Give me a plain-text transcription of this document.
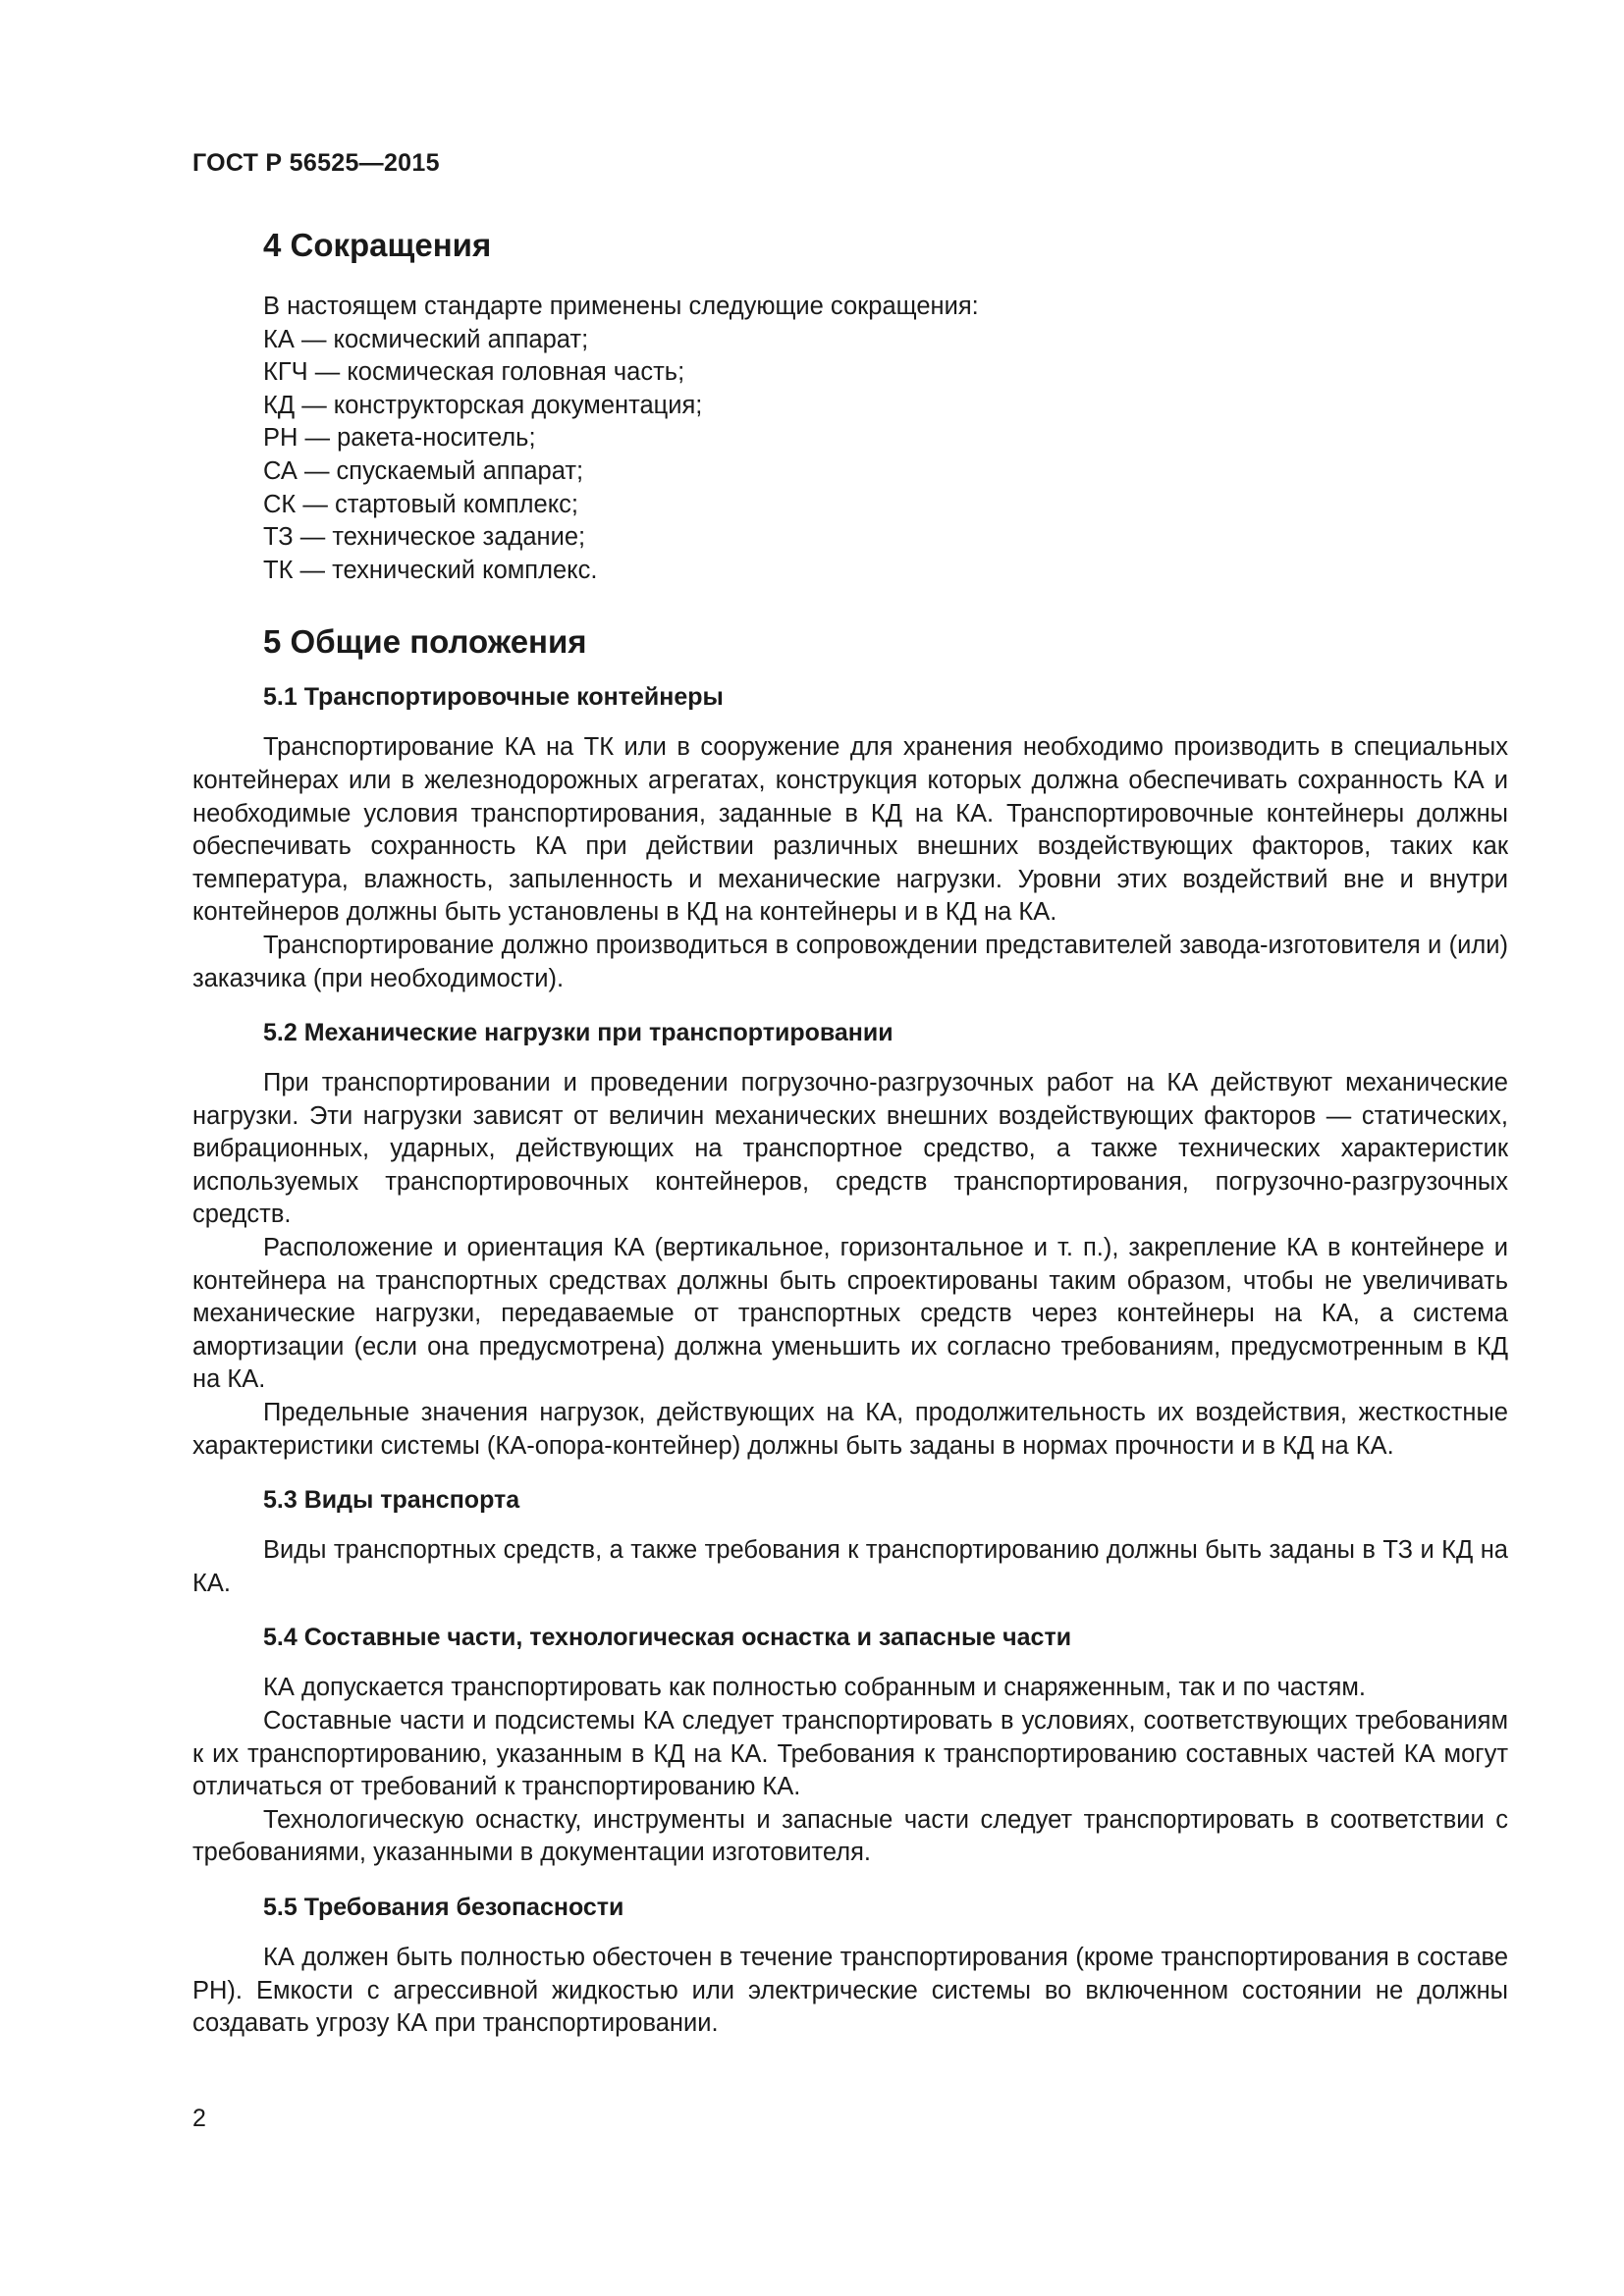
ГОСТ Р 56525—2015
4 Сокращения

В настоящем стандарте применены следующие сокращения:

КА — космический аппарат;

КГЧ — космическая головная часть;

КД — конструкторская документация;

РН — ракета-носитель;

СА — спускаемый аппарат;

СК — стартовый комплекс;

ТЗ — техническое задание;

ТК — технический комплекс.

5 Общие положения
5.1 Транспортировочные контейнеры

Транспортирование КА на ТК или в сооружение для хранения необходимо производить в специальных контейнерах или в железнодорожных агрегатах, конструкция которых должна обеспечивать сохранность КА и необходимые условия транспортирования, заданные в КД на КА. Транспортировочные контейнеры должны обеспечивать сохранность КА при действии различных внешних воздействующих факторов, таких как температура, влажность, запыленность и механические нагрузки. Уровни этих воздействий вне и внутри контейнеров должны быть установлены в КД на контейнеры и в КД на КА.

Транспортирование должно производиться в сопровождении представителей завода-изготовителя и (или) заказчика (при необходимости).

5.2 Механические нагрузки при транспортировании

При транспортировании и проведении погрузочно-разгрузочных работ на КА действуют механические нагрузки. Эти нагрузки зависят от величин механических внешних воздействующих факторов — статических, вибрационных, ударных, действующих на транспортное средство, а также технических характеристик используемых транспортировочных контейнеров, средств транспортирования, погрузочно-разгрузочных средств.

Расположение и ориентация КА (вертикальное, горизонтальное и т. п.), закрепление КА в контейнере и контейнера на транспортных средствах должны быть спроектированы таким образом, чтобы не увеличивать механические нагрузки, передаваемые от транспортных средств через контейнеры на КА, а система амортизации (если она предусмотрена) должна уменьшить их согласно требованиям, предусмотренным в КД на КА.

Предельные значения нагрузок, действующих на КА, продолжительность их воздействия, жесткостные характеристики системы (КА-опора-контейнер) должны быть заданы в нормах прочности и в КД на КА.

5.3 Виды транспорта

Виды транспортных средств, а также требования к транспортированию должны быть заданы в ТЗ и КД на КА.

5.4 Составные части, технологическая оснастка и запасные части

КА допускается транспортировать как полностью собранным и снаряженным, так и по частям.

Составные части и подсистемы КА следует транспортировать в условиях, соответствующих требованиям к их транспортированию, указанным в КД на КА. Требования к транспортированию составных частей КА могут отличаться от требований к транспортированию КА.

Технологическую оснастку, инструменты и запасные части следует транспортировать в соответствии с требованиями, указанными в документации изготовителя.

5.5 Требования безопасности

КА должен быть полностью обесточен в течение транспортирования (кроме транспортирования в составе РН). Емкости с агрессивной жидкостью или электрические системы во включенном состоянии не должны создавать угрозу КА при транспортировании.

2
